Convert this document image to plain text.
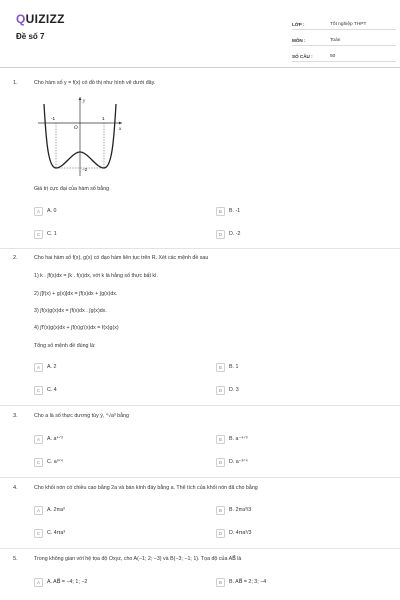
QUIZIZZ
Đề số 7
LỚP :	Tốt nghiệp THPT
MÔN :	Toán
SỐ CÂU :	50
1.	Cho hàm số y = f(x) có đồ thị như hình vẽ dưới đây.
y
x
O
-1	1
−2
Giá trị cực đại của hàm số bằng
A	A. 0	B	B. -1
C	C. 1	D	D. -2
2.	Cho hai hàm số f(x), g(x) có đạo hàm liên tục trên R. Xét các mệnh đề sau
1) k . ∫f(x)dx = ∫k . f(x)dx, với k là hằng số thực bất kì.
2) ∫[f(x) + g(x)]dx = ∫f(x)dx + ∫g(x)dx.
3) ∫f(x)g(x)dx = ∫f(x)dx . ∫g(x)dx.
4) ∫f′(x)g(x)dx + ∫f(x)g′(x)dx = f(x)g(x)
Tổng số mệnh đề đúng là:
A	A. 2	B	B. 1
C	C. 4	D	D. 3
3.	Cho a là số thực dương tùy ý, ⁴√a³ bằng
A	A. a⁴ᐟ³	B	B. a⁻⁴ᐟ³
C	C. a³ᐟ⁴	D	D. a⁻³ᐟ⁴
4.	Cho khối nón có chiều cao bằng 2a và bán kính đáy bằng a. Thể tích của khối nón đã cho bằng
A	A. 2πa³	B	B. 2πa³/3
C	C. 4πa³	D	D. 4πa³/3
5.	Trong không gian với hệ tọa độ Oxyz, cho A(−1; 2; −3) và B(−3; −1; 1). Tọa độ của AB⃗ là
A	A. AB⃗ = −4; 1; −2	B	B. AB⃗ = 2; 3; −4
